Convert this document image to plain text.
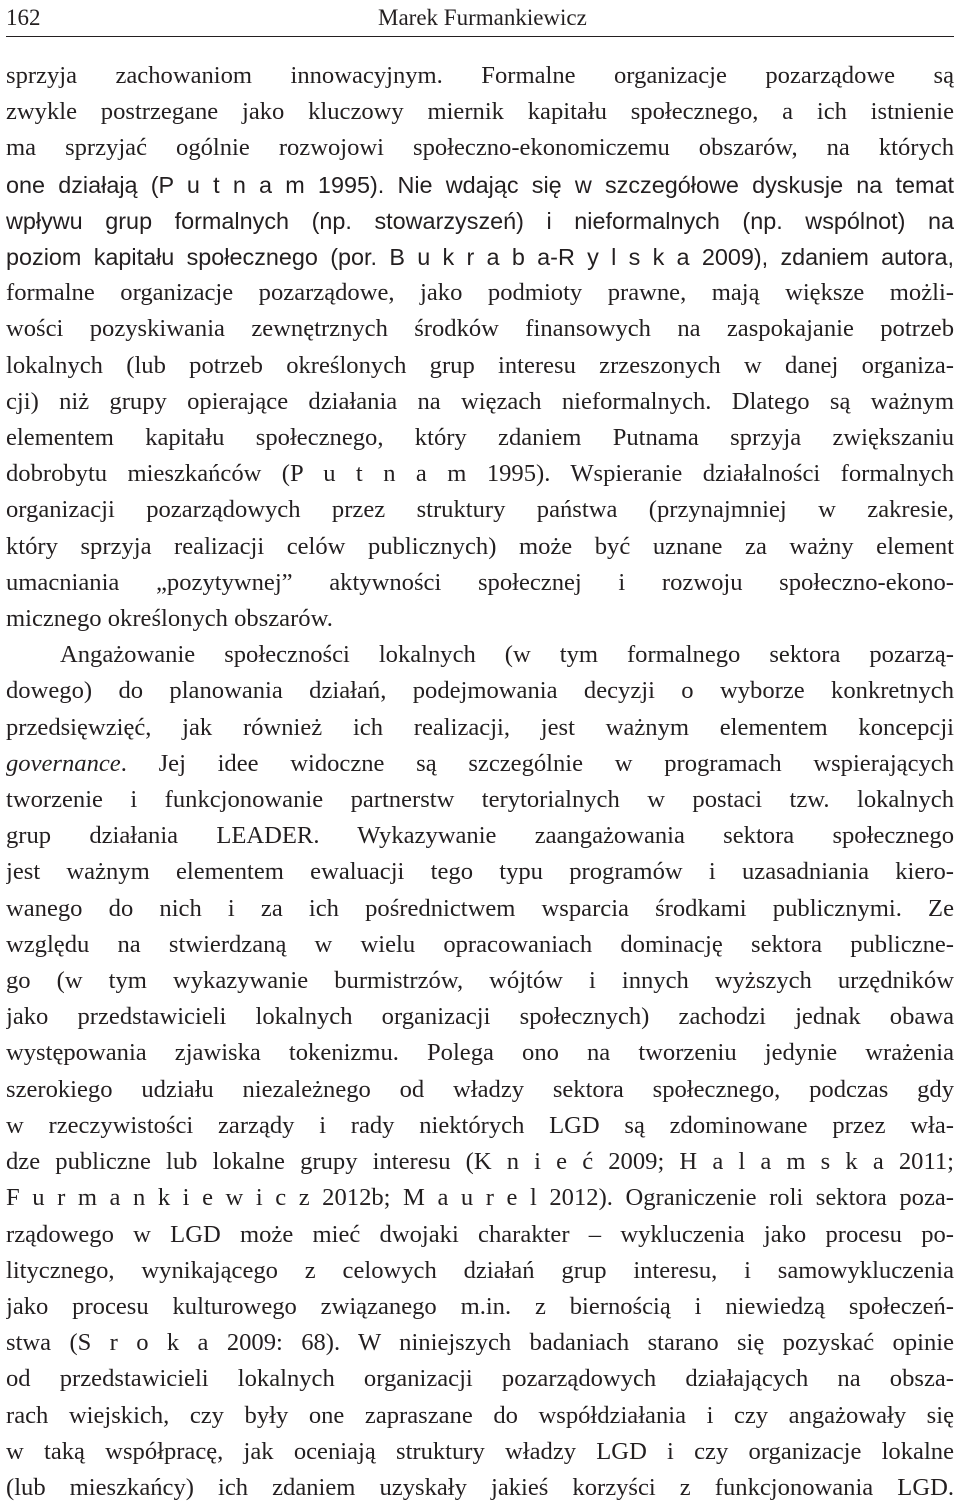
162	Marek Furmankiewicz
sprzyja zachowaniom innowacyjnym. Formalne organizacje pozarządowe są
zwykle postrzegane jako kluczowy miernik kapitału społecznego, a ich istnienie
ma sprzyjać ogólnie rozwojowi społeczno-ekonomiczemu obszarów, na których
one działają (P u t n a m 1995). Nie wdając się w szczegółowe dyskusje na temat
wpływu grup formalnych (np. stowarzyszeń) i nieformalnych (np. wspólnot) na
poziom kapitału społecznego (por. B u k r a b a-R y l s k a 2009), zdaniem autora,
formalne organizacje pozarządowe, jako podmioty prawne, mają większe możli-
wości pozyskiwania zewnętrznych środków finansowych na zaspokajanie potrzeb
lokalnych (lub potrzeb określonych grup interesu zrzeszonych w danej organiza-
cji) niż grupy opierające działania na więzach nieformalnych. Dlatego są ważnym
elementem kapitału społecznego, który zdaniem Putnama sprzyja zwiększaniu
dobrobytu mieszkańców (P u t n a m 1995). Wspieranie działalności formalnych
organizacji pozarządowych przez struktury państwa (przynajmniej w zakresie,
który sprzyja realizacji celów publicznych) może być uznane za ważny element
umacniania „pozytywnej” aktywności społecznej i rozwoju społeczno-ekono-
micznego określonych obszarów.
Angażowanie społeczności lokalnych (w tym formalnego sektora pozarzą-
dowego) do planowania działań, podejmowania decyzji o wyborze konkretnych
przedsięwzięć, jak również ich realizacji, jest ważnym elementem koncepcji
governance. Jej idee widoczne są szczególnie w programach wspierających
tworzenie i funkcjonowanie partnerstw terytorialnych w postaci tzw. lokalnych
grup działania LEADER. Wykazywanie zaangażowania sektora społecznego
jest ważnym elementem ewaluacji tego typu programów i uzasadniania kiero-
wanego do nich i za ich pośrednictwem wsparcia środkami publicznymi. Ze
względu na stwierdzaną w wielu opracowaniach dominację sektora publiczne-
go (w tym wykazywanie burmistrzów, wójtów i innych wyższych urzędników
jako przedstawicieli lokalnych organizacji społecznych) zachodzi jednak obawa
występowania zjawiska tokenizmu. Polega ono na tworzeniu jedynie wrażenia
szerokiego udziału niezależnego od władzy sektora społecznego, podczas gdy
w rzeczywistości zarządy i rady niektórych LGD są zdominowane przez wła-
dze publiczne lub lokalne grupy interesu (K n i e ć 2009; H a l a m s k a 2011;
F u r m a n k i e w i c z 2012b; M a u r e l 2012). Ograniczenie roli sektora poza-
rządowego w LGD może mieć dwojaki charakter – wykluczenia jako procesu po-
litycznego, wynikającego z celowych działań grup interesu, i samowykluczenia
jako procesu kulturowego związanego m.in. z biernością i niewiedzą społeczeń-
stwa (S r o k a 2009: 68). W niniejszych badaniach starano się pozyskać opinie
od przedstawicieli lokalnych organizacji pozarządowych działających na obsza-
rach wiejskich, czy były one zapraszane do współdziałania i czy angażowały się
w taką współpracę, jak oceniają struktury władzy LGD i czy organizacje lokalne
(lub mieszkańcy) ich zdaniem uzyskały jakieś korzyści z funkcjonowania LGD.
